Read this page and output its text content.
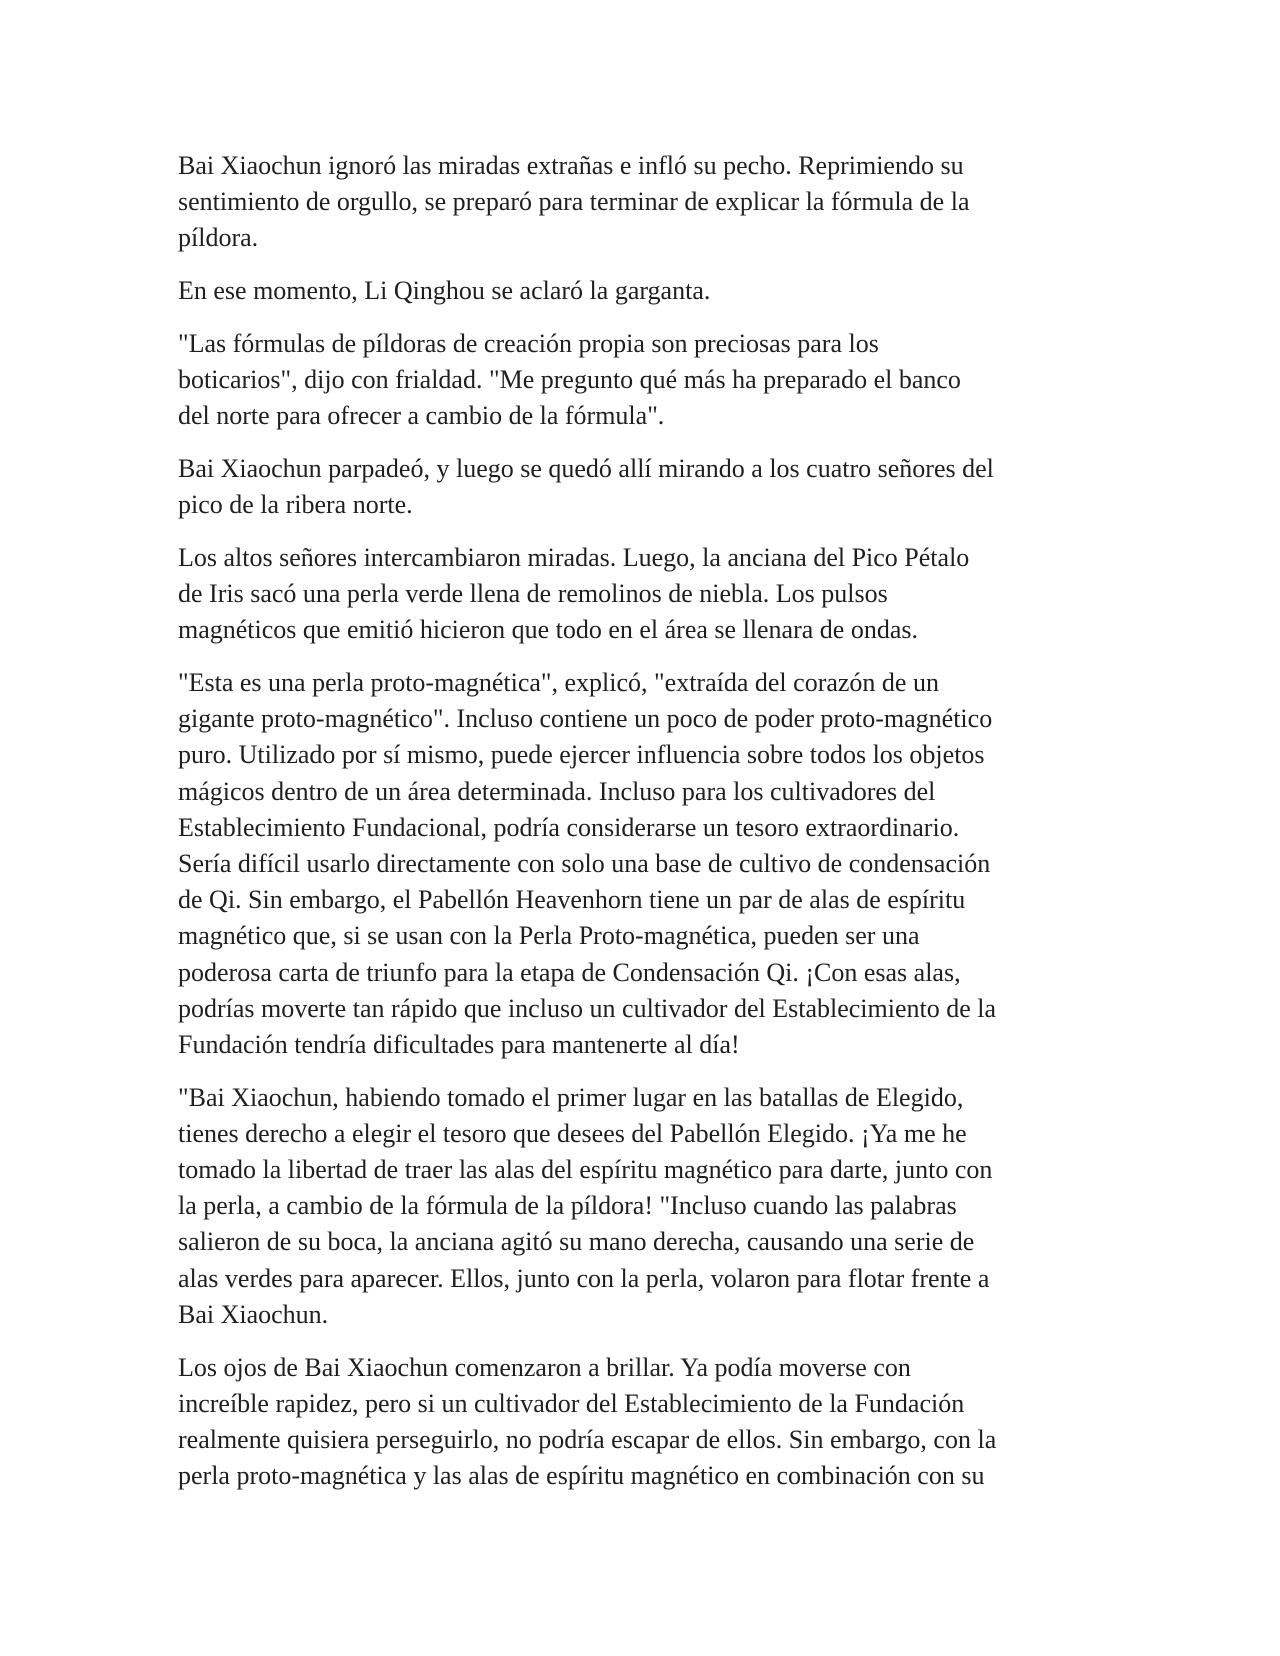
Bai Xiaochun ignoró las miradas extrañas e infló su pecho. Reprimiendo su
sentimiento de orgullo, se preparó para terminar de explicar la fórmula de la
píldora.

En ese momento, Li Qinghou se aclaró la garganta.

"Las fórmulas de píldoras de creación propia son preciosas para los
boticarios", dijo con frialdad. "Me pregunto qué más ha preparado el banco
del norte para ofrecer a cambio de la fórmula".

Bai Xiaochun parpadeó, y luego se quedó allí mirando a los cuatro señores del
pico de la ribera norte.

Los altos señores intercambiaron miradas. Luego, la anciana del Pico Pétalo
de Iris sacó una perla verde llena de remolinos de niebla. Los pulsos
magnéticos que emitió hicieron que todo en el área se llenara de ondas.

"Esta es una perla proto-magnética", explicó, "extraída del corazón de un
gigante proto-magnético". Incluso contiene un poco de poder proto-magnético
puro. Utilizado por sí mismo, puede ejercer influencia sobre todos los objetos
mágicos dentro de un área determinada. Incluso para los cultivadores del
Establecimiento Fundacional, podría considerarse un tesoro extraordinario.
Sería difícil usarlo directamente con solo una base de cultivo de condensación
de Qi. Sin embargo, el Pabellón Heavenhorn tiene un par de alas de espíritu
magnético que, si se usan con la Perla Proto-magnética, pueden ser una
poderosa carta de triunfo para la etapa de Condensación Qi. ¡Con esas alas,
podrías moverte tan rápido que incluso un cultivador del Establecimiento de la
Fundación tendría dificultades para mantenerte al día!

"Bai Xiaochun, habiendo tomado el primer lugar en las batallas de Elegido,
tienes derecho a elegir el tesoro que desees del Pabellón Elegido. ¡Ya me he
tomado la libertad de traer las alas del espíritu magnético para darte, junto con
la perla, a cambio de la fórmula de la píldora! "Incluso cuando las palabras
salieron de su boca, la anciana agitó su mano derecha, causando una serie de
alas verdes para aparecer. Ellos, junto con la perla, volaron para flotar frente a
Bai Xiaochun.

Los ojos de Bai Xiaochun comenzaron a brillar. Ya podía moverse con
increíble rapidez, pero si un cultivador del Establecimiento de la Fundación
realmente quisiera perseguirlo, no podría escapar de ellos. Sin embargo, con la
perla proto-magnética y las alas de espíritu magnético en combinación con su
